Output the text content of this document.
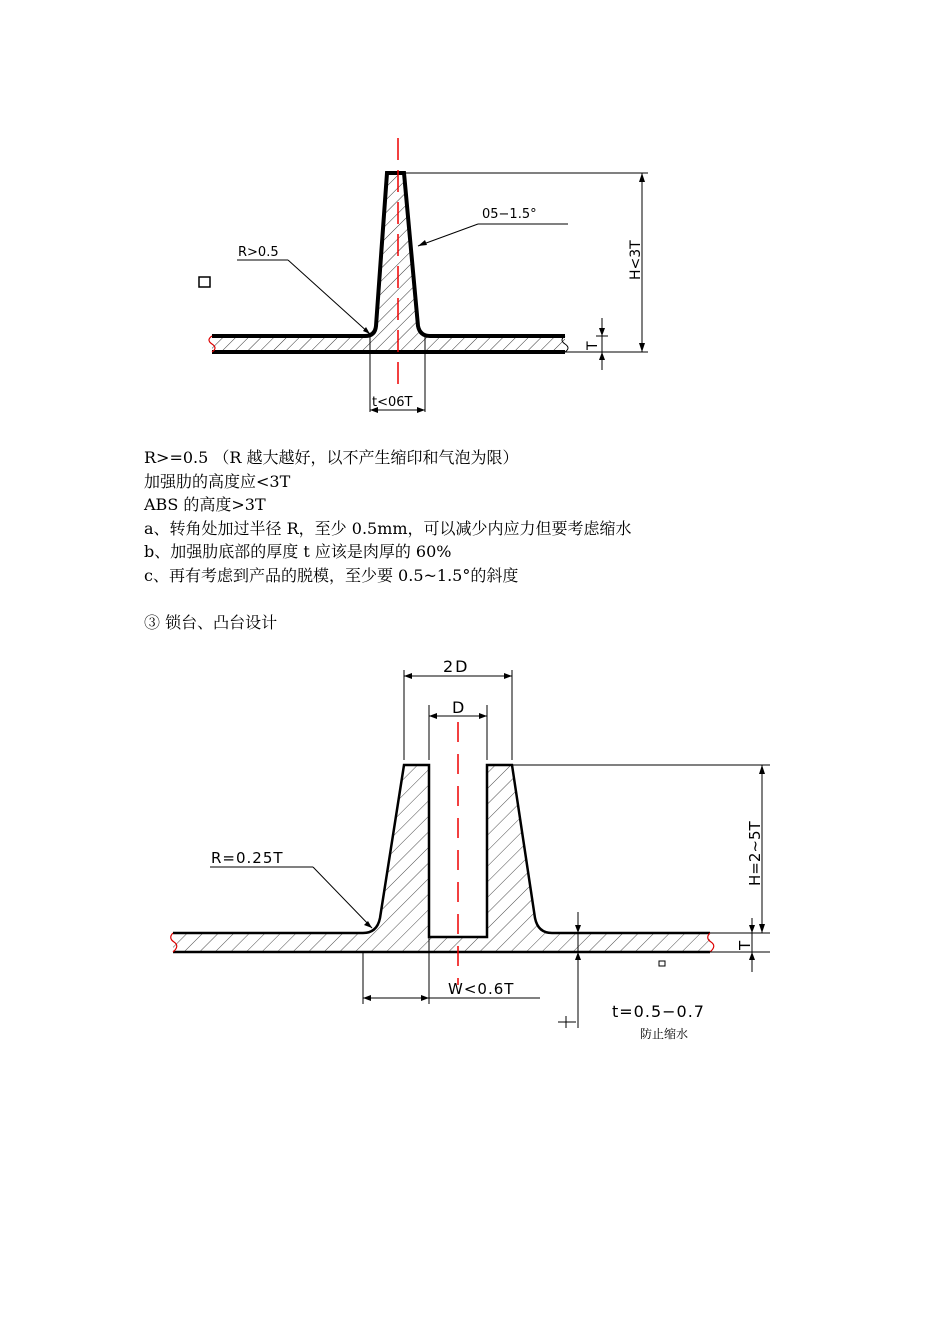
H<3T
T
t<06T
05−1.5°
R>0.5
R>=0.5 （R 越大越好，以不产生缩印和气泡为限）
加强肋的高度应<3T
ABS 的高度>3T
a、转角处加过半径 R，至少 0.5mm，可以减少内应力但要考虑缩水
b、加强肋底部的厚度 t 应该是肉厚的 60%
c、再有考虑到产品的脱模，至少要 0.5~1.5°的斜度
③ 锁台、凸台设计
2D
D
H=2~5T
T
W<0.6T
R=0.25T
t=0.5−0.7
防止缩水
